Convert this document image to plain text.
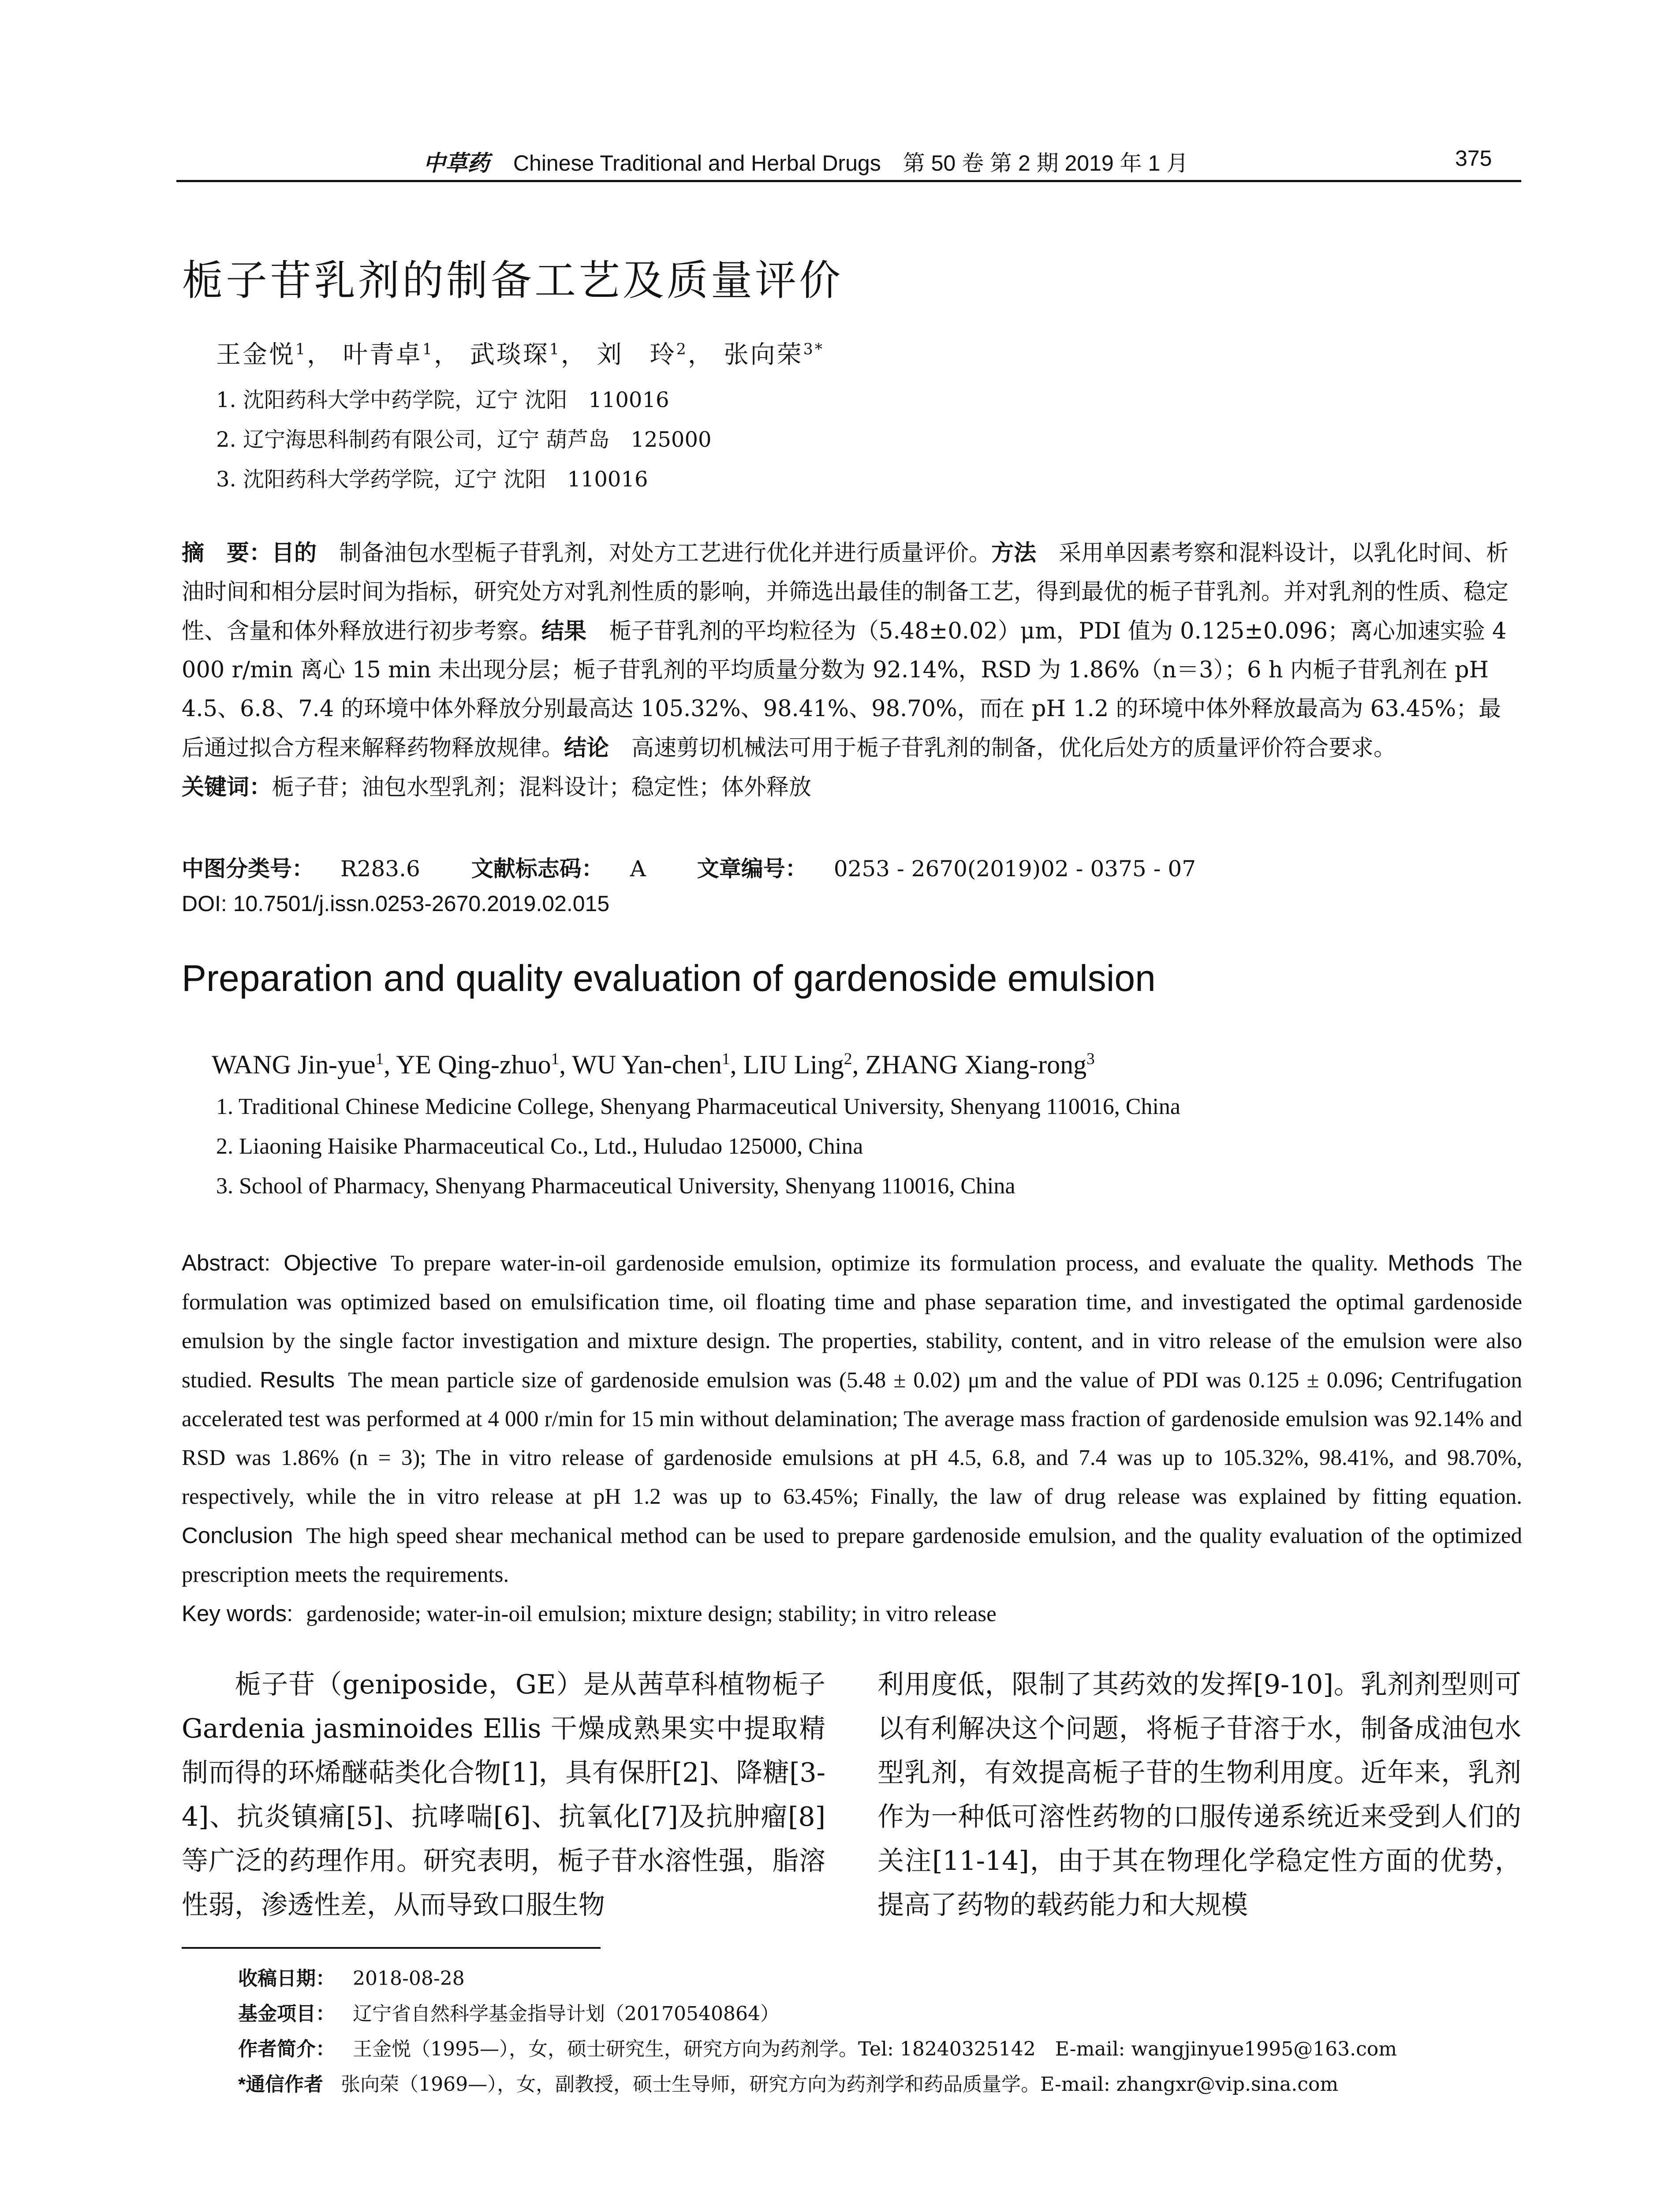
中草药 Chinese Traditional and Herbal Drugs　第 50 卷 第 2 期 2019 年 1 月	375
栀子苷乳剂的制备工艺及质量评价
王金悦$^1$， 叶青卓$^1$， 武琰琛$^1$， 刘　玲$^2$， 张向荣$^{3*}$
1. 沈阳药科大学中药学院，辽宁 沈阳　110016
2. 辽宁海思科制药有限公司，辽宁 葫芦岛　125000
3. 沈阳药科大学药学院，辽宁 沈阳　110016

摘　要：目的　 制备油包水型栀子苷乳剂，对处方工艺进行优化并进行质量评价。方法　 采用单因素考察和混料设计，以乳化时间、析油时间和相分层时间为指标，研究处方对乳剂性质的影响，并筛选出最佳的制备工艺，得到最优的栀子苷乳剂。并对乳剂的性质、稳定性、含量和体外释放进行初步考察。结果　 栀子苷乳剂的平均粒径为（5.48±0.02）μm，PDI 值为 0.125±0.096；离心加速实验 4 000 r/min 离心 15 min 未出现分层；栀子苷乳剂的平均质量分数为 92.14%，RSD 为 1.86%（n＝3）；6 h 内栀子苷乳剂在 pH 4.5、6.8、7.4 的环境中体外释放分别最高达 105.32%、98.41%、98.70%，而在 pH 1.2 的环境中体外释放最高为 63.45%；最后通过拟合方程来解释药物释放规律。结论　 高速剪切机械法可用于栀子苷乳剂的制备，优化后处方的质量评价符合要求。

关键词：栀子苷；油包水型乳剂；混料设计；稳定性；体外释放

中图分类号： R283.6 　　 文献标志码： A 　　 文章编号： 0253 - 2670(2019)02 - 0375 - 07
DOI: 10.7501/j.issn.0253-2670.2019.02.015
Preparation and quality evaluation of gardenoside emulsion
WANG Jin-yue$^1$, YE Qing-zhuo$^1$, WU Yan-chen$^1$, LIU Ling$^2$, ZHANG Xiang-rong$^3$
1. Traditional Chinese Medicine College, Shenyang Pharmaceutical University, Shenyang 110016, China
2. Liaoning Haisike Pharmaceutical Co., Ltd., Huludao 125000, China
3. School of Pharmacy, Shenyang Pharmaceutical University, Shenyang 110016, China

Abstract: Objective To prepare water-in-oil gardenoside emulsion, optimize its formulation process, and evaluate the quality. Methods The formulation was optimized based on emulsification time, oil floating time and phase separation time, and investigated the optimal gardenoside emulsion by the single factor investigation and mixture design. The properties, stability, content, and in vitro release of the emulsion were also studied. Results The mean particle size of gardenoside emulsion was (5.48 ± 0.02) μm and the value of PDI was 0.125 ± 0.096; Centrifugation accelerated test was performed at 4 000 r/min for 15 min without delamination; The average mass fraction of gardenoside emulsion was 92.14% and RSD was 1.86% (n = 3); The in vitro release of gardenoside emulsions at pH 4.5, 6.8, and 7.4 was up to 105.32%, 98.41%, and 98.70%, respectively, while the in vitro release at pH 1.2 was up to 63.45%; Finally, the law of drug release was explained by fitting equation. Conclusion The high speed shear mechanical method can be used to prepare gardenoside emulsion, and the quality evaluation of the optimized prescription meets the requirements.

Key words: gardenoside; water-in-oil emulsion; mixture design; stability; in vitro release

栀子苷（geniposide，GE）是从茜草科植物栀子 Gardenia jasminoides Ellis 干燥成熟果实中提取精制而得的环烯醚萜类化合物[1]，具有保肝[2]、降糖[3-4]、抗炎镇痛[5]、抗哮喘[6]、抗氧化[7]及抗肿瘤[8]等广泛的药理作用。研究表明，栀子苷水溶性强，脂溶性弱，渗透性差，从而导致口服生物

利用度低，限制了其药效的发挥[9-10]。乳剂剂型则可以有利解决这个问题，将栀子苷溶于水，制备成油包水型乳剂，有效提高栀子苷的生物利用度。近年来，乳剂作为一种低可溶性药物的口服传递系统近来受到人们的关注[11-14]，由于其在物理化学稳定性方面的优势，提高了药物的载药能力和大规模

收稿日期： 2018-08-28
基金项目： 辽宁省自然科学基金指导计划（20170540864）
作者简介： 王金悦（1995—），女，硕士研究生，研究方向为药剂学。Tel: 18240325142　E-mail: wangjinyue1995@163.com
*通信作者 张向荣（1969—），女，副教授，硕士生导师，研究方向为药剂学和药品质量学。E-mail: zhangxr@vip.sina.com
